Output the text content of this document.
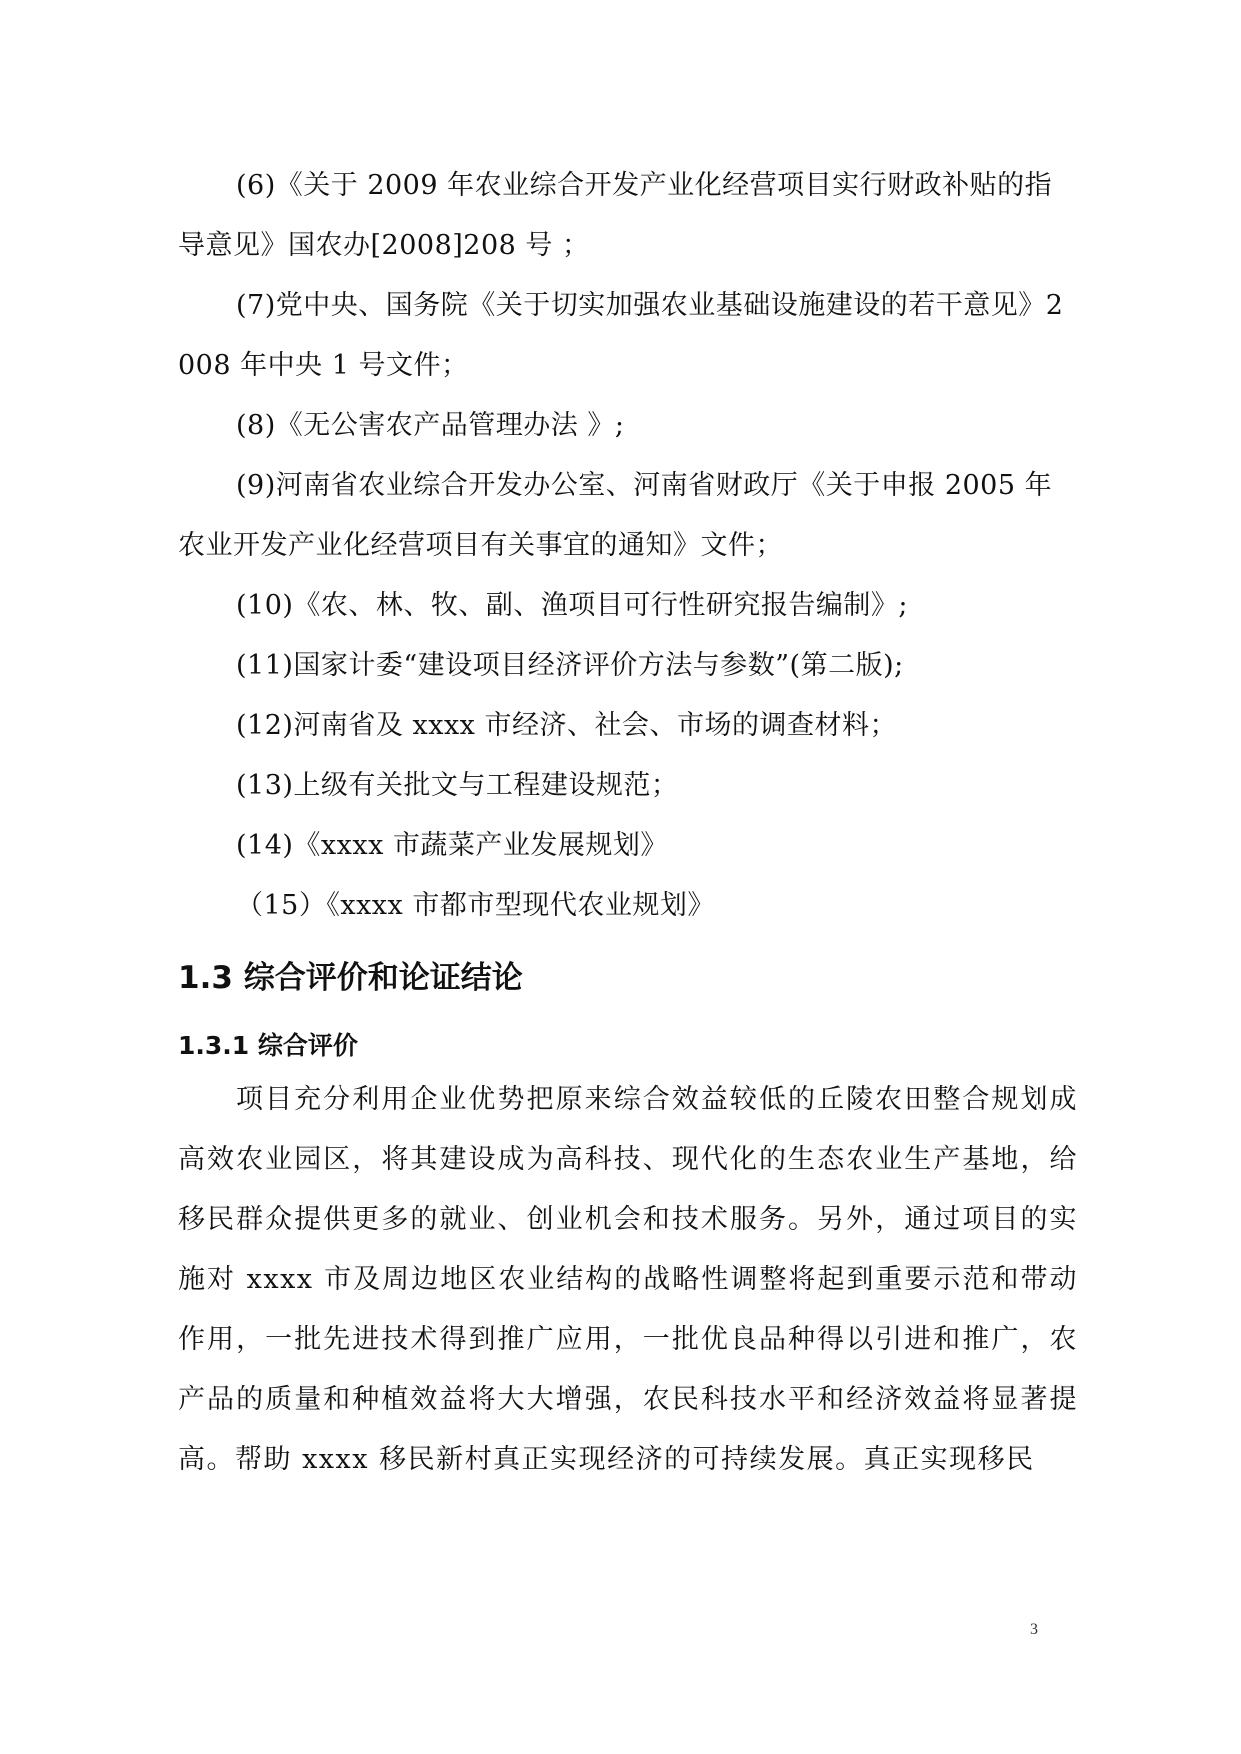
(6)《关于 2009 年农业综合开发产业化经营项目实行财政补贴的指导意见》国农办[2008]208 号 ；

(7)党中央、国务院《关于切实加强农业基础设施建设的若干意见》2008 年中央 1 号文件；

(8)《无公害农产品管理办法 》;

(9)河南省农业综合开发办公室、河南省财政厅《关于申报 2005 年农业开发产业化经营项目有关事宜的通知》文件；

(10)《农、林、牧、副、渔项目可行性研究报告编制》;

(11)国家计委“建设项目经济评价方法与参数”(第二版);

(12)河南省及 xxxx 市经济、社会、市场的调查材料；

(13)上级有关批文与工程建设规范；

(14)《xxxx 市蔬菜产业发展规划》

（15）《xxxx 市都市型现代农业规划》

1.3 综合评价和论证结论
1.3.1 综合评价

项目充分利用企业优势把原来综合效益较低的丘陵农田整合规划成高效农业园区，将其建设成为高科技、现代化的生态农业生产基地，给移民群众提供更多的就业、创业机会和技术服务。另外，通过项目的实施对 xxxx 市及周边地区农业结构的战略性调整将起到重要示范和带动作用，一批先进技术得到推广应用，一批优良品种得以引进和推广，农产品的质量和种植效益将大大增强，农民科技水平和经济效益将显著提高。帮助 xxxx 移民新村真正实现经济的可持续发展。真正实现移民

3
